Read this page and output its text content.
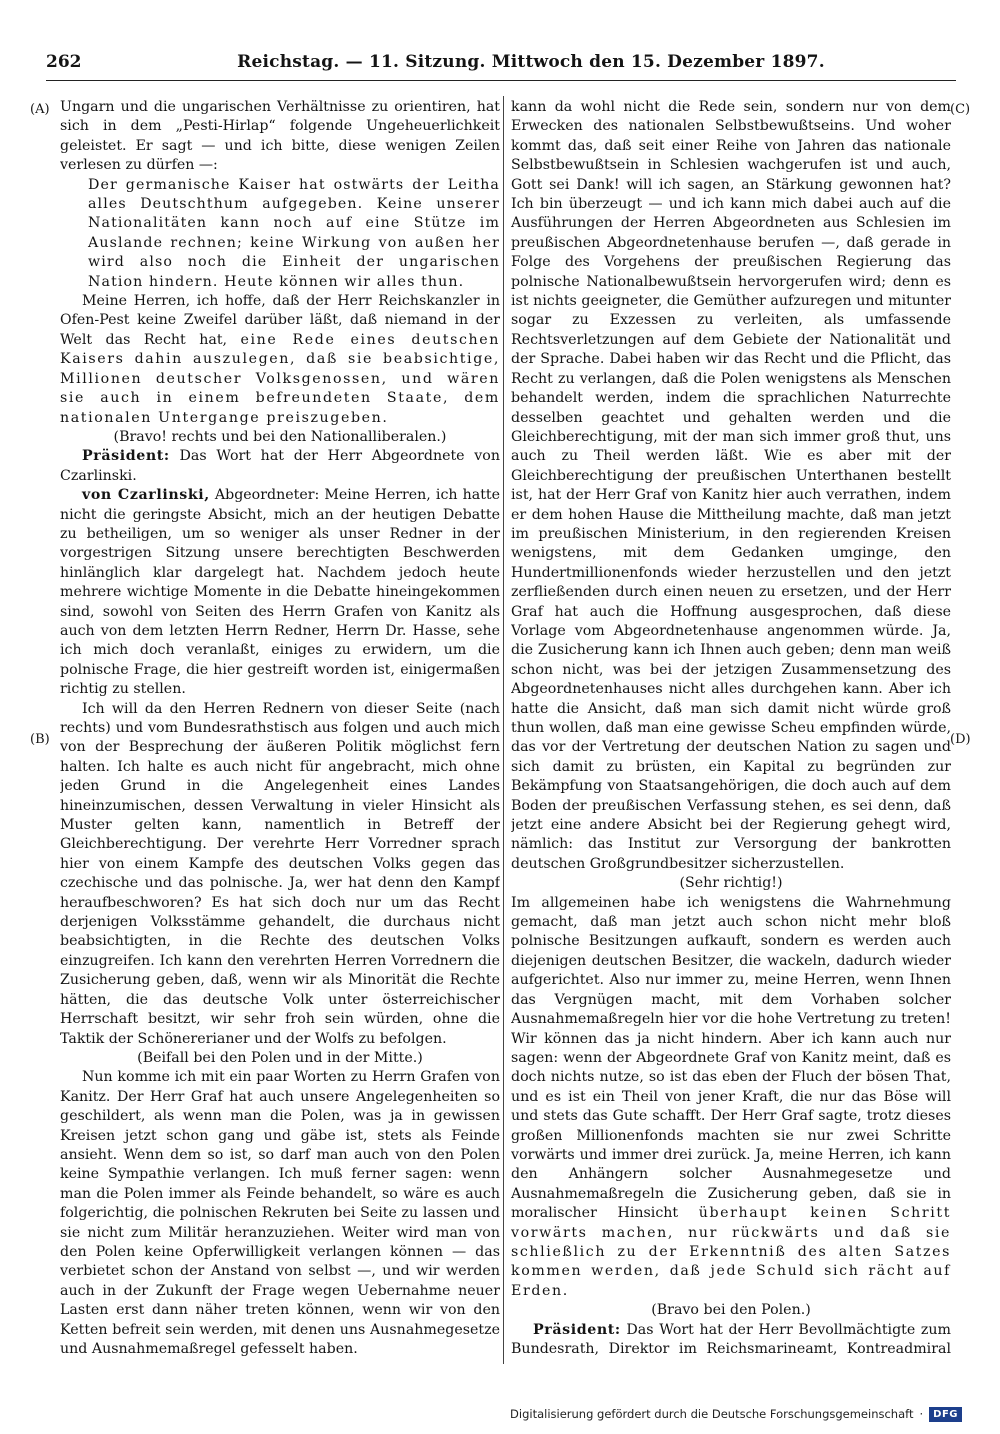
262	Reichstag. — 11. Sitzung. Mittwoch den 15. Dezember 1897.
(A)
(B)
(C)
(D)

Ungarn und die ungarischen Verhältnisse zu orientiren, hat sich in dem „Pesti-Hirlap“ folgende Ungeheuerlichkeit geleistet. Er sagt — und ich bitte, diese wenigen Zeilen verlesen zu dürfen —:

Der germanische Kaiser hat ostwärts der Leitha alles Deutschthum aufgegeben. Keine unserer Nationalitäten kann noch auf eine Stütze im Auslande rechnen; keine Wirkung von außen her wird also noch die Einheit der ungarischen Nation hindern. Heute können wir alles thun.

Meine Herren, ich hoffe, daß der Herr Reichskanzler in Ofen-Pest keine Zweifel darüber läßt, daß niemand in der Welt das Recht hat, eine Rede eines deutschen Kaisers dahin auszulegen, daß sie beabsichtige, Millionen deutscher Volksgenossen, und wären sie auch in einem befreundeten Staate, dem nationalen Untergange preiszugeben.

(Bravo! rechts und bei den Nationalliberalen.)

Präsident: Das Wort hat der Herr Abgeordnete von Czarlinski.

von Czarlinski, Abgeordneter: Meine Herren, ich hatte nicht die geringste Absicht, mich an der heutigen Debatte zu betheiligen, um so weniger als unser Redner in der vorgestrigen Sitzung unsere berechtigten Beschwerden hinlänglich klar dargelegt hat. Nachdem jedoch heute mehrere wichtige Momente in die Debatte hineingekommen sind, sowohl von Seiten des Herrn Grafen von Kanitz als auch von dem letzten Herrn Redner, Herrn Dr. Hasse, sehe ich mich doch veranlaßt, einiges zu erwidern, um die polnische Frage, die hier gestreift worden ist, einigermaßen richtig zu stellen.

Ich will da den Herren Rednern von dieser Seite (nach rechts) und vom Bundesrathstisch aus folgen und auch mich von der Besprechung der äußeren Politik möglichst fern halten. Ich halte es auch nicht für angebracht, mich ohne jeden Grund in die Angelegenheit eines Landes hineinzumischen, dessen Verwaltung in vieler Hinsicht als Muster gelten kann, namentlich in Betreff der Gleichberechtigung. Der verehrte Herr Vorredner sprach hier von einem Kampfe des deutschen Volks gegen das czechische und das polnische. Ja, wer hat denn den Kampf heraufbeschworen? Es hat sich doch nur um das Recht derjenigen Volksstämme gehandelt, die durchaus nicht beabsichtigten, in die Rechte des deutschen Volks einzugreifen. Ich kann den verehrten Herren Vorrednern die Zusicherung geben, daß, wenn wir als Minorität die Rechte hätten, die das deutsche Volk unter österreichischer Herrschaft besitzt, wir sehr froh sein würden, ohne die Taktik der Schönererianer und der Wolfs zu befolgen.

(Beifall bei den Polen und in der Mitte.)

Nun komme ich mit ein paar Worten zu Herrn Grafen von Kanitz. Der Herr Graf hat auch unsere Angelegenheiten so geschildert, als wenn man die Polen, was ja in gewissen Kreisen jetzt schon gang und gäbe ist, stets als Feinde ansieht. Wenn dem so ist, so darf man auch von den Polen keine Sympathie verlangen. Ich muß ferner sagen: wenn man die Polen immer als Feinde behandelt, so wäre es auch folgerichtig, die polnischen Rekruten bei Seite zu lassen und sie nicht zum Militär heranzuziehen. Weiter wird man von den Polen keine Opferwilligkeit verlangen können — das verbietet schon der Anstand von selbst —, und wir werden auch in der Zukunft der Frage wegen Uebernahme neuer Lasten erst dann näher treten können, wenn wir von den Ketten befreit sein werden, mit denen uns Ausnahmegesetze und Ausnahmemaßregel gefesselt haben.

kann da wohl nicht die Rede sein, sondern nur von dem Erwecken des nationalen Selbstbewußtseins. Und woher kommt das, daß seit einer Reihe von Jahren das nationale Selbstbewußtsein in Schlesien wachgerufen ist und auch, Gott sei Dank! will ich sagen, an Stärkung gewonnen hat? Ich bin überzeugt — und ich kann mich dabei auch auf die Ausführungen der Herren Abgeordneten aus Schlesien im preußischen Abgeordnetenhause berufen —, daß gerade in Folge des Vorgehens der preußischen Regierung das polnische Nationalbewußtsein hervorgerufen wird; denn es ist nichts geeigneter, die Gemüther aufzuregen und mitunter sogar zu Exzessen zu verleiten, als umfassende Rechtsverletzungen auf dem Gebiete der Nationalität und der Sprache. Dabei haben wir das Recht und die Pflicht, das Recht zu verlangen, daß die Polen wenigstens als Menschen behandelt werden, indem die sprachlichen Naturrechte desselben geachtet und gehalten werden und die Gleichberechtigung, mit der man sich immer groß thut, uns auch zu Theil werden läßt. Wie es aber mit der Gleichberechtigung der preußischen Unterthanen bestellt ist, hat der Herr Graf von Kanitz hier auch verrathen, indem er dem hohen Hause die Mittheilung machte, daß man jetzt im preußischen Ministerium, in den regierenden Kreisen wenigstens, mit dem Gedanken umginge, den Hundertmillionenfonds wieder herzustellen und den jetzt zerfließenden durch einen neuen zu ersetzen, und der Herr Graf hat auch die Hoffnung ausgesprochen, daß diese Vorlage vom Abgeordnetenhause angenommen würde. Ja, die Zusicherung kann ich Ihnen auch geben; denn man weiß schon nicht, was bei der jetzigen Zusammensetzung des Abgeordnetenhauses nicht alles durchgehen kann. Aber ich hatte die Ansicht, daß man sich damit nicht würde groß thun wollen, daß man eine gewisse Scheu empfinden würde, das vor der Vertretung der deutschen Nation zu sagen und sich damit zu brüsten, ein Kapital zu begründen zur Bekämpfung von Staatsangehörigen, die doch auch auf dem Boden der preußischen Verfassung stehen, es sei denn, daß jetzt eine andere Absicht bei der Regierung gehegt wird, nämlich: das Institut zur Versorgung der bankrotten deutschen Großgrundbesitzer sicherzustellen.

(Sehr richtig!)

Im allgemeinen habe ich wenigstens die Wahrnehmung gemacht, daß man jetzt auch schon nicht mehr bloß polnische Besitzungen aufkauft, sondern es werden auch diejenigen deutschen Besitzer, die wackeln, dadurch wieder aufgerichtet. Also nur immer zu, meine Herren, wenn Ihnen das Vergnügen macht, mit dem Vorhaben solcher Ausnahmemaßregeln hier vor die hohe Vertretung zu treten! Wir können das ja nicht hindern. Aber ich kann auch nur sagen: wenn der Abgeordnete Graf von Kanitz meint, daß es doch nichts nutze, so ist das eben der Fluch der bösen That, und es ist ein Theil von jener Kraft, die nur das Böse will und stets das Gute schafft. Der Herr Graf sagte, trotz dieses großen Millionenfonds machten sie nur zwei Schritte vorwärts und immer drei zurück. Ja, meine Herren, ich kann den Anhängern solcher Ausnahmegesetze und Ausnahmemaßregeln die Zusicherung geben, daß sie in moralischer Hinsicht überhaupt keinen Schritt vorwärts machen, nur rückwärts und daß sie schließlich zu der Erkenntniß des alten Satzes kommen werden, daß jede Schuld sich rächt auf Erden.

(Bravo bei den Polen.)

Präsident: Das Wort hat der Herr Bevollmächtigte zum Bundesrath, Direktor im Reichsmarineamt, Kontreadmiral

Digitalisierung gefördert durch die Deutsche Forschungsgemeinschaft ·	DFG
